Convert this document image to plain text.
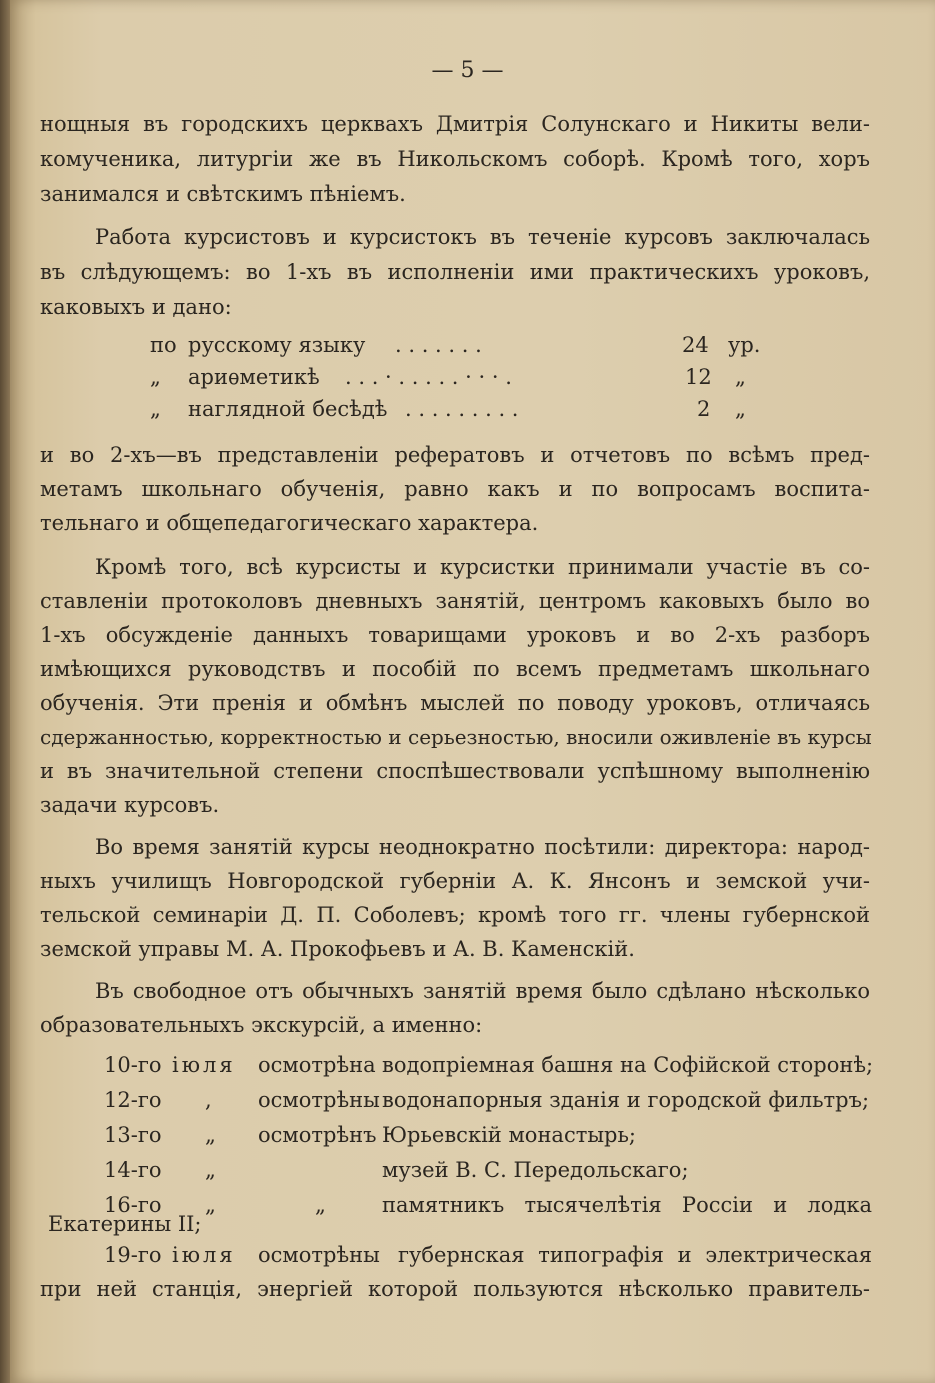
— 5 —
нощныя въ городскихъ церквахъ Дмитрія Солунскаго и Никиты вели-
комученика, литургіи же въ Никольскомъ соборѣ. Кромѣ того, хоръ
занимался и свѣтскимъ пѣніемъ.
Работа курсистовъ и курсистокъ въ теченіе курсовъ заключалась
въ слѣдующемъ: во 1-хъ въ исполненіи ими практическихъ уроковъ,
каковыхъ и дано:
по русскому языку . . . . . . .	24 ур.
„ ариѳметикѣ . . . · . . . . . · · · .	12 „
„ наглядной бесѣдѣ . . . . . . . . .	2 „
и во 2-хъ—въ представленіи рефератовъ и отчетовъ по всѣмъ пред-
метамъ школьнаго обученія, равно какъ и по вопросамъ воспита-
тельнаго и общепедагогическаго характера.
Кромѣ того, всѣ курсисты и курсистки принимали участіе въ со-
ставленіи протоколовъ дневныхъ занятій, центромъ каковыхъ было во
1-хъ обсужденіе данныхъ товарищами уроковъ и во 2-хъ разборъ
имѣющихся руководствъ и пособій по всемъ предметамъ школьнаго
обученія. Эти пренія и обмѣнъ мыслей по поводу уроковъ, отличаясь
сдержанностью, корректностью и серьезностью, вносили оживленіе въ курсы
и въ значительной степени споспѣшествовали успѣшному выполненію
задачи курсовъ.
Во время занятій курсы неоднократно посѣтили: директора: народ-
ныхъ училищъ Новгородской губерніи А. К. Янсонъ и земской учи-
тельской семинаріи Д. П. Соболевъ; кромѣ того гг. члены губернской
земской управы М. А. Прокофьевъ и А. В. Каменскій.
Въ свободное отъ обычныхъ занятій время было сдѣлано нѣсколько
образовательныхъ экскурсій, а именно:
10-го іюля осмотрѣна водопріемная башня на Софійской сторонѣ;
12-го , осмотрѣны водонапорныя зданія и городской фильтръ;
13-го „ осмотрѣнъ Юрьевскій монастырь;
14-го „	музей В. С. Передольскаго;
16-го „	„	памятникъ тысячелѣтія Россіи и лодка
Екатерины II;
19-го іюля осмотрѣны губернская типографія и электрическая
при ней станція, энергіей которой пользуются нѣсколько правитель-
